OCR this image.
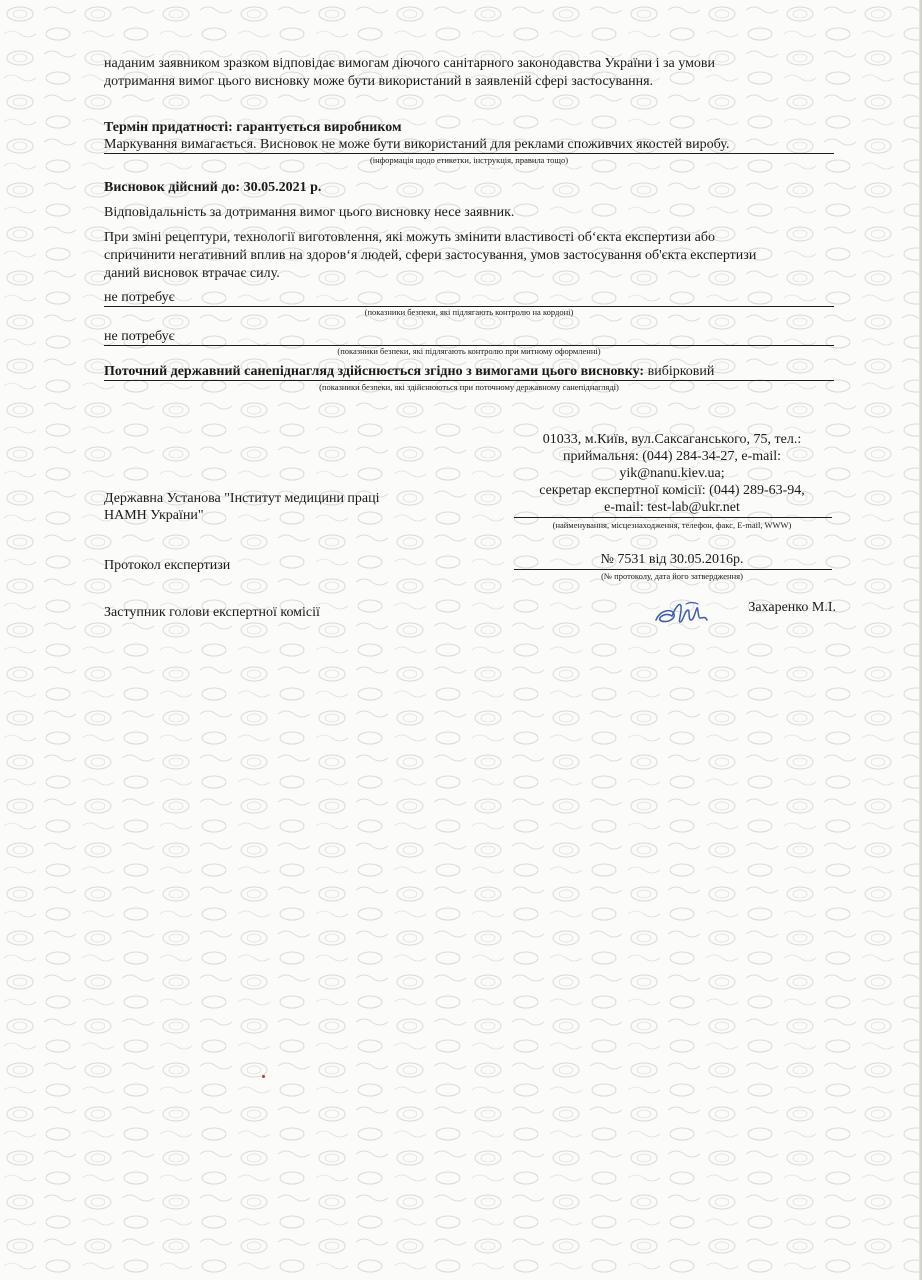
наданим заявником зразком відповідає вимогам діючого санітарного законодавства України і за умови
дотримання вимог цього висновку може бути використаний в заявленій сфері застосування.
Термін придатності: гарантується виробником
Маркування вимагається. Висновок не може бути використаний для реклами споживчих якостей виробу.
(інформація щодо етикетки, інструкція, правила тощо)
Висновок дійсний до: 30.05.2021 р.
Відповідальність за дотримання вимог цього висновку несе заявник.
При зміні рецептури, технології виготовлення, які можуть змінити властивості об‘єкта експертизи або
спричинити негативний вплив на здоров‘я людей, сфери застосування, умов застосування об'єкта експертизи
даний висновок втрачає силу.
не потребує
(показники безпеки, які підлягають контролю на кордоні)
не потребує
(показники безпеки, які підлягають контролю при митному оформленні)
Поточний державний санепіднагляд здійснюється згідно з вимогами цього висновку: вибірковий
(показники безпеки, які здійснюються при поточному державному санепіднагляді)
01033, м.Київ, вул.Саксаганського, 75, тел.:
приймальня: (044) 284-34-27, e-mail:
yik@nanu.kiev.ua;
секретар експертної комісії: (044) 289-63-94,
e-mail: test-lab@ukr.net
(найменування, місцезнаходження, телефон, факс, E-mail, WWW)
Державна Установа "Інститут медицини праці
НАМН України"
Протокол експертизи	№ 7531 від 30.05.2016р.
(№ протоколу, дата його затвердження)
Заступник голови експертної комісії	Захаренко М.І.
